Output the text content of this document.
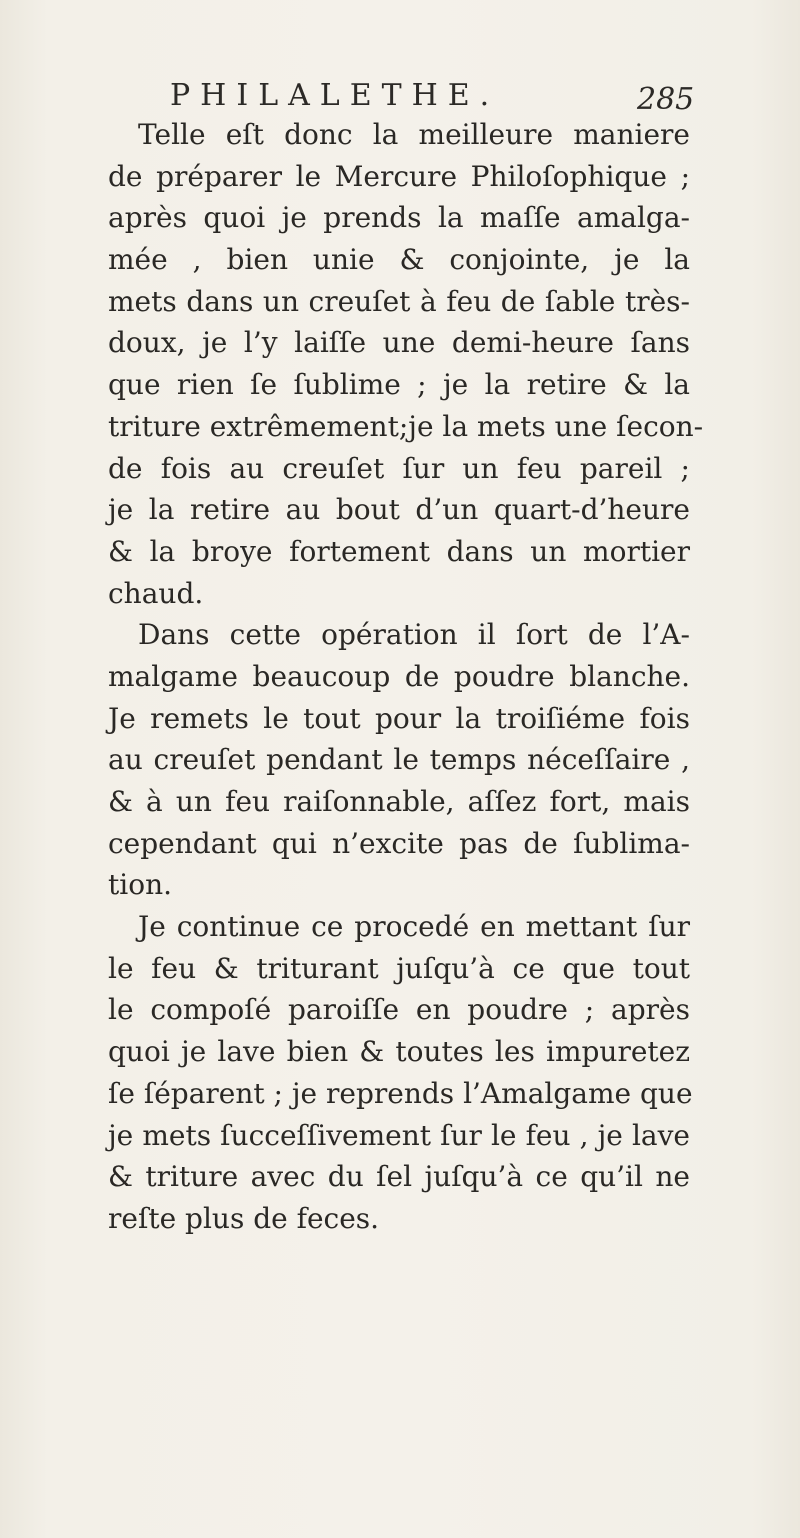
PHILALETHE.	285
Telle eſt donc la meilleure maniere
de préparer le Mercure Philoſophique ;
après quoi je prends la maſſe amalga-
mée , bien unie & conjointe, je la
mets dans un creuſet à feu de ſable très-
doux, je l’y laiſſe une demi-heure ſans
que rien ſe ſublime ; je la retire & la
triture extrêmement;je la mets une ſecon-
de fois au creuſet ſur un feu pareil ;
je la retire au bout d’un quart-d’heure
& la broye fortement dans un mortier
chaud.
Dans cette opération il ſort de l’A-
malgame beaucoup de poudre blanche.
Je remets le tout pour la troiſiéme fois
au creuſet pendant le temps néceſſaire ,
& à un feu raiſonnable, aſſez fort, mais
cependant qui n’excite pas de ſublima-
tion.
Je continue ce procedé en mettant ſur
le feu & triturant juſqu’à ce que tout
le compoſé paroiſſe en poudre ; après
quoi je lave bien & toutes les impuretez
ſe ſéparent ; je reprends l’Amalgame que
je mets ſucceſſivement ſur le feu , je lave
& triture avec du ſel juſqu’à ce qu’il ne
reſte plus de feces.
